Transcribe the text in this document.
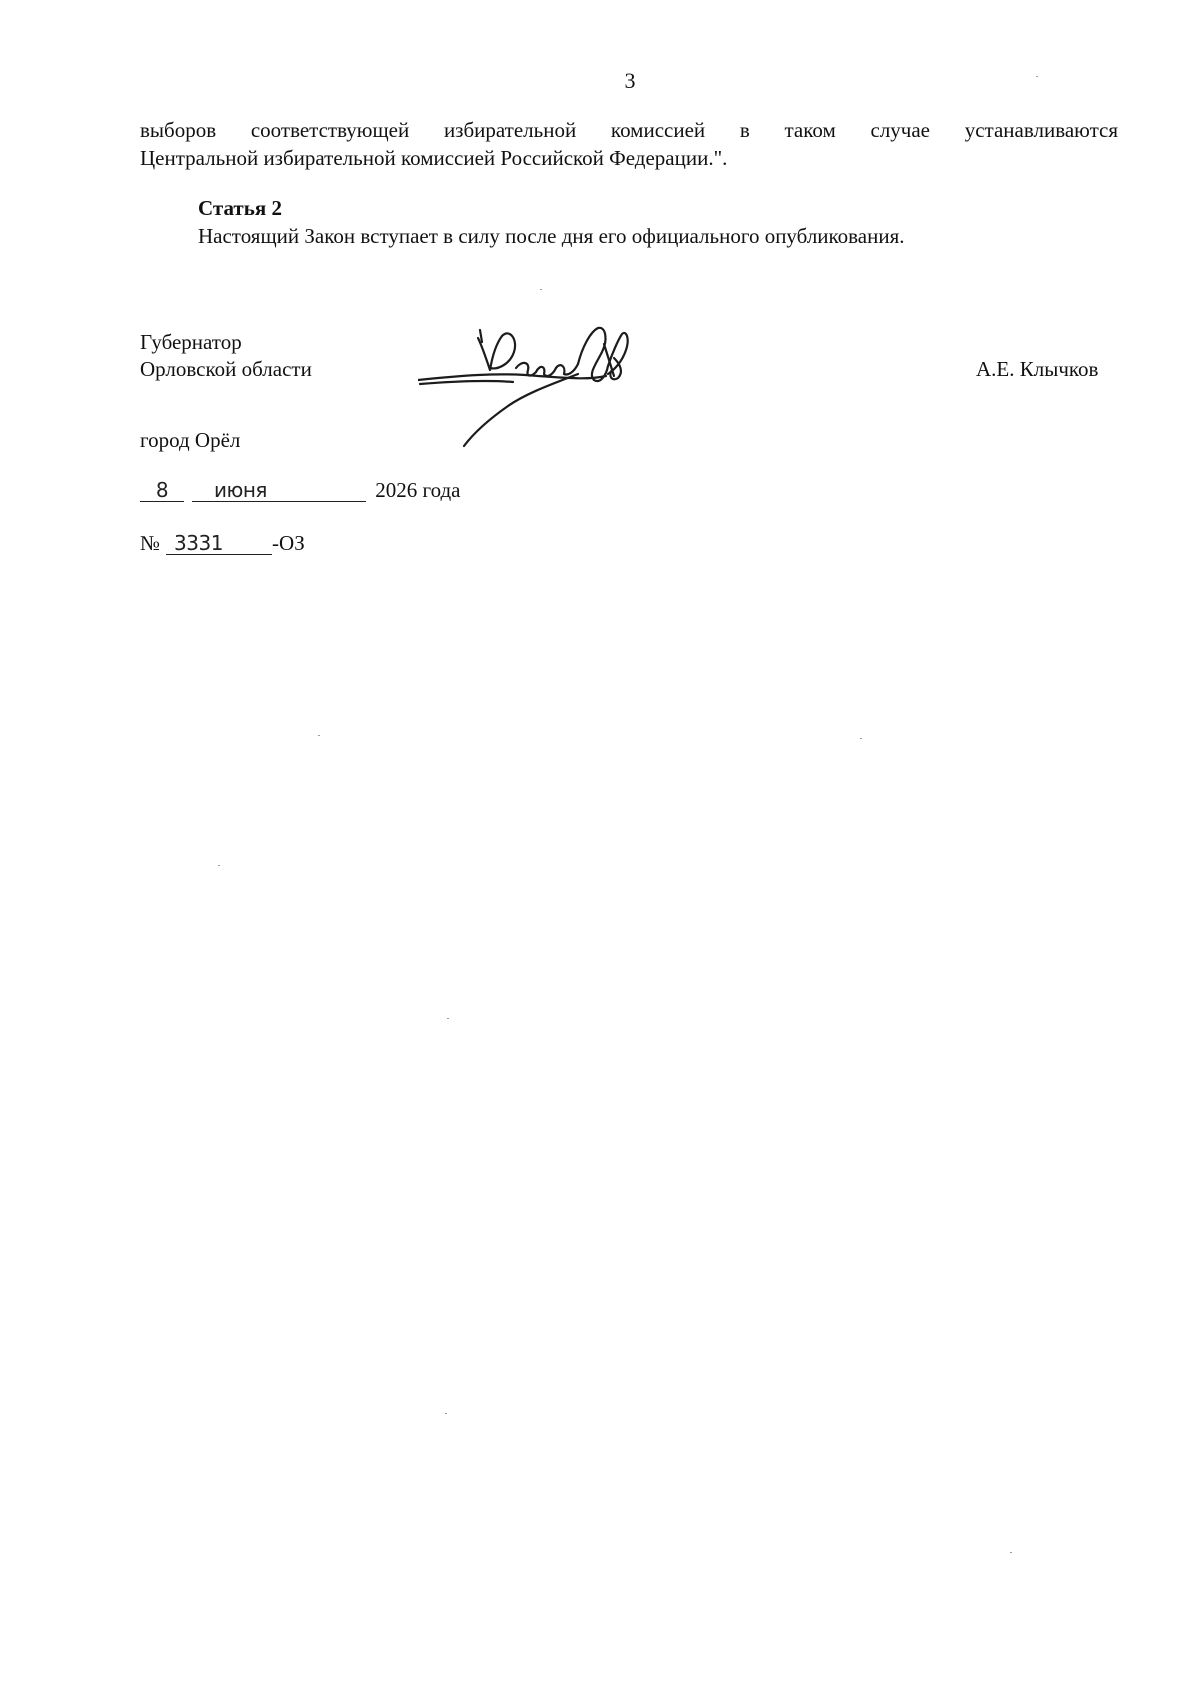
3
выборов соответствующей избирательной комиссией в таком случае устанавливаются
Центральной избирательной комиссией Российской Федерации.".
Статья 2
Настоящий Закон вступает в силу после дня его официального опубликования.
Губернатор
Орловской области	А.Е. Клычков
город Орёл
8 июня	2026 года
№ 3331 -ОЗ
